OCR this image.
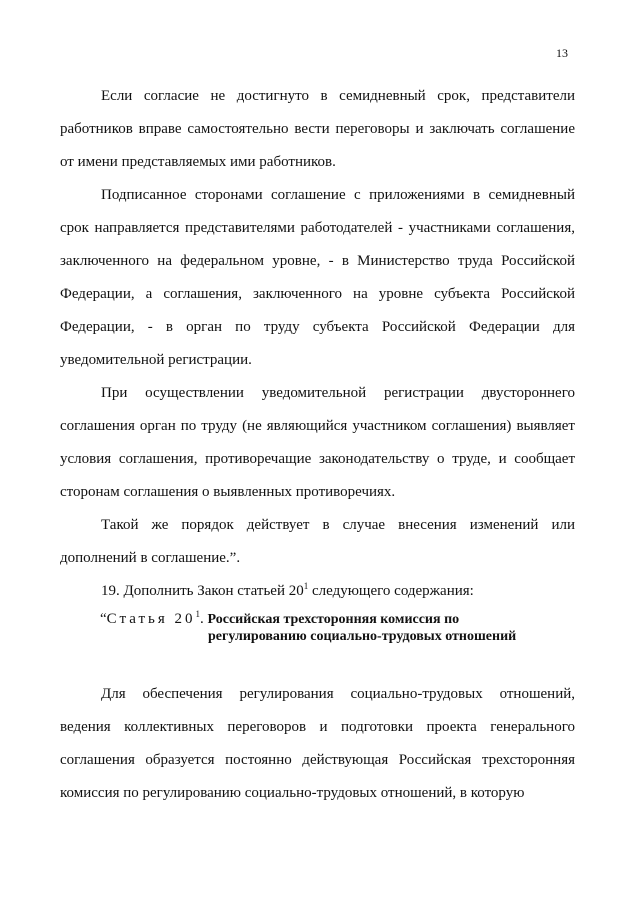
13

Если согласие не достигнуто в семидневный срок, представители работников вправе самостоятельно вести переговоры и заключать соглашение от имени представляемых ими работников.

Подписанное сторонами соглашение с приложениями в семидневный срок направляется представителями работодателей - участниками соглашения, заключенного на федеральном уровне, - в Министерство труда Российской Федерации, а соглашения, заключенного на уровне субъекта Российской Федерации, - в орган по труду субъекта Российской Федерации для уведомительной регистрации.

При осуществлении уведомительной регистрации двустороннего соглашения орган по труду (не являющийся участником соглашения) выявляет условия соглашения, противоречащие законодательству о труде, и сообщает сторонам соглашения о выявленных противоречиях.

Такой же порядок действует в случае внесения изменений или дополнений в соглашение.”.

19. Дополнить Закон статьей $20^1$ следующего содержания:

“Статья $20^1$. Российская трехсторонняя комиссия по
регулированию социально-трудовых отношений

Для обеспечения регулирования социально-трудовых отношений, ведения коллективных переговоров и подготовки проекта генерального соглашения образуется постоянно действующая Российская трехсторонняя комиссия по регулированию социально-трудовых отношений, в которую
